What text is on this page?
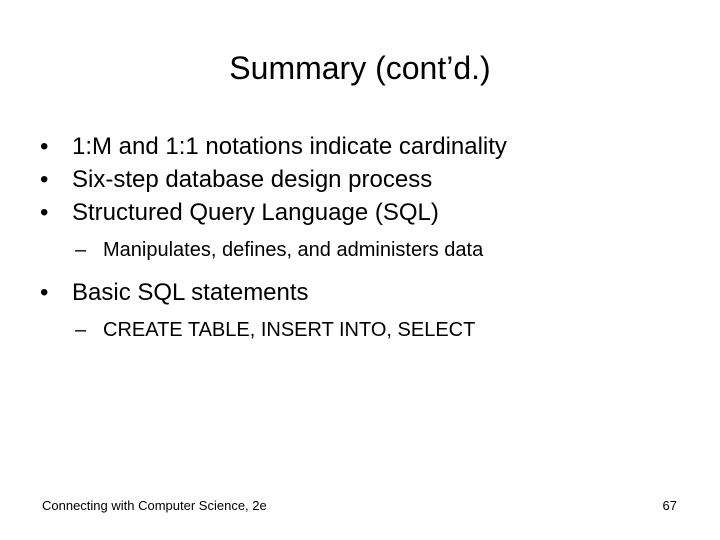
Summary (cont’d.)
• 1:M and 1:1 notations indicate cardinality
• Six-step database design process
• Structured Query Language (SQL)
– Manipulates, defines, and administers data
• Basic SQL statements
– CREATE TABLE, INSERT INTO, SELECT
Connecting with Computer Science, 2e	67
